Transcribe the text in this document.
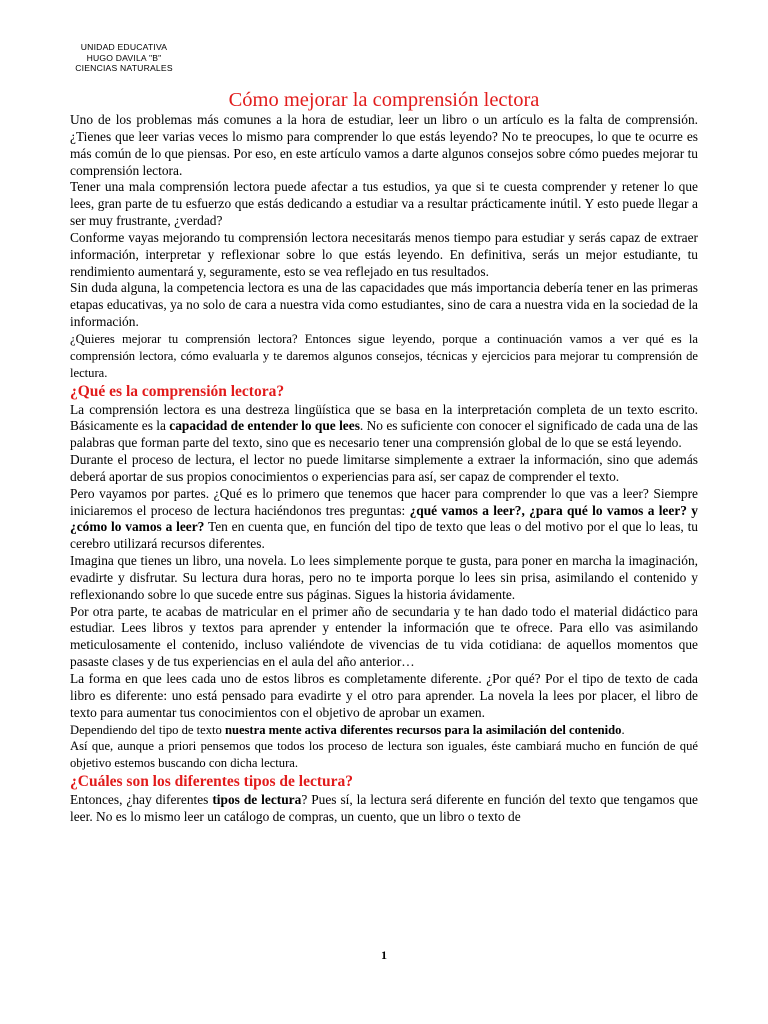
UNIDAD EDUCATIVA
HUGO DAVILA "B"
CIENCIAS NATURALES
Cómo mejorar la comprensión lectora

Uno de los problemas más comunes a la hora de estudiar, leer un libro o un artículo es la falta de comprensión. ¿Tienes que leer varias veces lo mismo para comprender lo que estás leyendo? No te preocupes, lo que te ocurre es más común de lo que piensas. Por eso, en este artículo vamos a darte algunos consejos sobre cómo puedes mejorar tu comprensión lectora.

Tener una mala comprensión lectora puede afectar a tus estudios, ya que si te cuesta comprender y retener lo que lees, gran parte de tu esfuerzo que estás dedicando a estudiar va a resultar prácticamente inútil. Y esto puede llegar a ser muy frustrante, ¿verdad?

Conforme vayas mejorando tu comprensión lectora necesitarás menos tiempo para estudiar y serás capaz de extraer información, interpretar y reflexionar sobre lo que estás leyendo. En definitiva, serás un mejor estudiante, tu rendimiento aumentará y, seguramente, esto se vea reflejado en tus resultados.

Sin duda alguna, la competencia lectora es una de las capacidades que más importancia debería tener en las primeras etapas educativas, ya no solo de cara a nuestra vida como estudiantes, sino de cara a nuestra vida en la sociedad de la información.

¿Quieres mejorar tu comprensión lectora? Entonces sigue leyendo, porque a continuación vamos a ver qué es la comprensión lectora, cómo evaluarla y te daremos algunos consejos, técnicas y ejercicios para mejorar tu comprensión de lectura.

¿Qué es la comprensión lectora?

La comprensión lectora es una destreza lingüística que se basa en la interpretación completa de un texto escrito. Básicamente es la capacidad de entender lo que lees. No es suficiente con conocer el significado de cada una de las palabras que forman parte del texto, sino que es necesario tener una comprensión global de lo que se está leyendo.

Durante el proceso de lectura, el lector no puede limitarse simplemente a extraer la información, sino que además deberá aportar de sus propios conocimientos o experiencias para así, ser capaz de comprender el texto.

Pero vayamos por partes. ¿Qué es lo primero que tenemos que hacer para comprender lo que vas a leer? Siempre iniciaremos el proceso de lectura haciéndonos tres preguntas: ¿qué vamos a leer?, ¿para qué lo vamos a leer? y ¿cómo lo vamos a leer? Ten en cuenta que, en función del tipo de texto que leas o del motivo por el que lo leas, tu cerebro utilizará recursos diferentes.

Imagina que tienes un libro, una novela. Lo lees simplemente porque te gusta, para poner en marcha la imaginación, evadirte y disfrutar. Su lectura dura horas, pero no te importa porque lo lees sin prisa, asimilando el contenido y reflexionando sobre lo que sucede entre sus páginas. Sigues la historia ávidamente.

Por otra parte, te acabas de matricular en el primer año de secundaria y te han dado todo el material didáctico para estudiar. Lees libros y textos para aprender y entender la información que te ofrece. Para ello vas asimilando meticulosamente el contenido, incluso valiéndote de vivencias de tu vida cotidiana: de aquellos momentos que pasaste clases y de tus experiencias en el aula del año anterior…

La forma en que lees cada uno de estos libros es completamente diferente. ¿Por qué? Por el tipo de texto de cada libro es diferente: uno está pensado para evadirte y el otro para aprender. La novela la lees por placer, el libro de texto para aumentar tus conocimientos con el objetivo de aprobar un examen.

Dependiendo del tipo de texto nuestra mente activa diferentes recursos para la asimilación del contenido.

Así que, aunque a priori pensemos que todos los proceso de lectura son iguales, éste cambiará mucho en función de qué objetivo estemos buscando con dicha lectura.

¿Cuáles son los diferentes tipos de lectura?

Entonces, ¿hay diferentes tipos de lectura? Pues sí, la lectura será diferente en función del texto que tengamos que leer. No es lo mismo leer un catálogo de compras, un cuento, que un libro o texto de

1
